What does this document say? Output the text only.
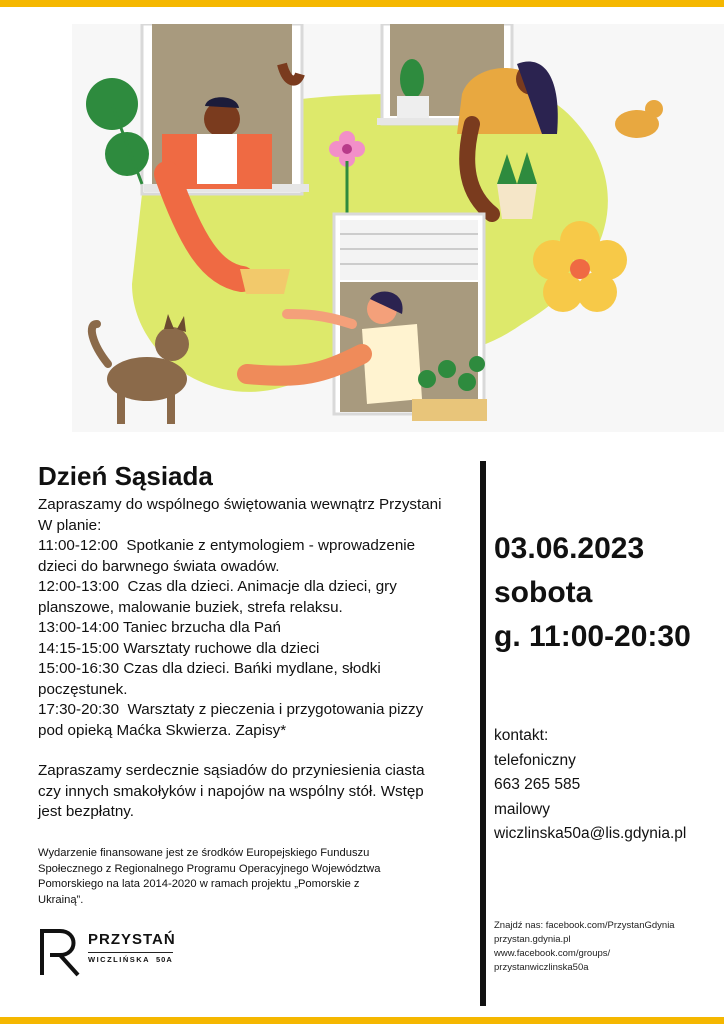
Dzień Sąsiada

Zapraszamy do wspólnego świętowania wewnątrz Przystani

W planie:

11:00-12:00 Spotkanie z entymologiem - wprowadzenie
dzieci do barwnego świata owadów.

12:00-13:00 Czas dla dzieci. Animacje dla dzieci, gry
planszowe, malowanie buziek, strefa relaksu.

13:00-14:00 Taniec brzucha dla Pań

14:15-15:00 Warsztaty ruchowe dla dzieci

15:00-16:30 Czas dla dzieci. Bańki mydlane, słodki
poczęstunek.

17:30-20:30 Warsztaty z pieczenia i przygotowania pizzy
pod opieką Maćka Skwierza. Zapisy*

Zapraszamy serdecznie sąsiadów do przyniesienia ciasta
czy innych smakołyków i napojów na wspólny stół. Wstęp
jest bezpłatny.

Wydarzenie finansowane jest ze środków Europejskiego Funduszu
Społecznego z Regionalnego Programu Operacyjnego Województwa
Pomorskiego na lata 2014-2020 w ramach projektu „Pomorskie z
Ukrainą”.

PRZYSTAŃ
WICZLIŃSKA 50A

03.06.2023

sobota

g. 11:00-20:30

kontakt:
telefoniczny
663 265 585
mailowy
wiczlinska50a@lis.gdynia.pl
Znajdź nas: facebook.com/PrzystanGdynia
przystan.gdynia.pl
www.facebook.com/groups/
przystanwiczlinska50a
